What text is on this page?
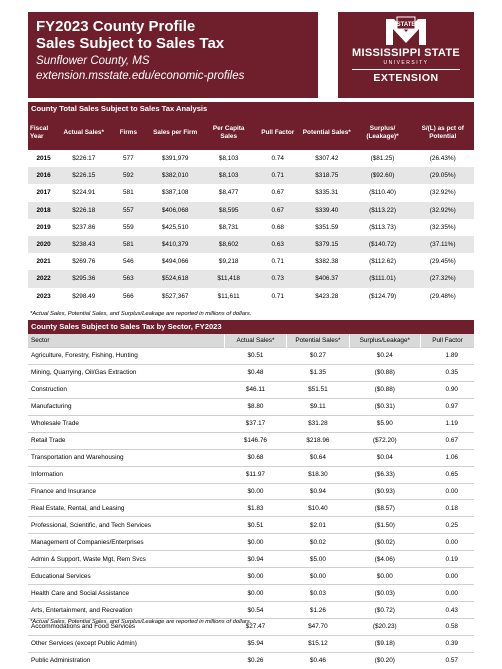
FY2023 County Profile
Sales Subject to Sales Tax
Sunflower County, MS
extension.msstate.edu/economic-profiles
STATE
MISSISSIPPI STATE
UNIVERSITY
EXTENSION
County Total Sales Subject to Sales Tax Analysis
Fiscal Year	Actual Sales*	Firms	Sales per Firm	Per Capita Sales	Pull Factor	Potential Sales*	Surplus/ (Leakage)*	S/(L) as pct of Potential
2015	$226.17	577	$391,979	$8,103	0.74	$307.42	($81.25)	(26.43%)
2016	$226.15	592	$382,010	$8,103	0.71	$318.75	($92.60)	(29.05%)
2017	$224.91	581	$387,108	$8,477	0.67	$335.31	($110.40)	(32.92%)
2018	$226.18	557	$406,068	$8,595	0.67	$339.40	($113.22)	(32.92%)
2019	$237.86	559	$425,510	$8,731	0.68	$351.59	($113.73)	(32.35%)
2020	$238.43	581	$410,379	$8,602	0.63	$379.15	($140.72)	(37.11%)
2021	$269.76	546	$494,066	$9,218	0.71	$382.38	($112.62)	(29.45%)
2022	$295.36	563	$524,618	$11,418	0.73	$406.37	($111.01)	(27.32%)
2023	$298.49	566	$527,367	$11,611	0.71	$423.28	($124.79)	(29.48%)
*Actual Sales, Potential Sales, and Surplus/Leakage are reported in millions of dollars.
County Sales Subject to Sales Tax by Sector, FY2023
Sector	Actual Sales*	Potential Sales*	Surplus/Leakage*	Pull Factor
Agriculture, Forestry, Fishing, Hunting	$0.51	$0.27	$0.24	1.89
Mining, Quarrying, Oil/Gas Extraction	$0.48	$1.35	($0.88)	0.35
Construction	$46.11	$51.51	($0.88)	0.90
Manufacturing	$8.80	$9.11	($0.31)	0.97
Wholesale Trade	$37.17	$31.28	$5.90	1.19
Retail Trade	$146.76	$218.96	($72.20)	0.67
Transportation and Warehousing	$0.68	$0.64	$0.04	1.06
Information	$11.97	$18.30	($6.33)	0.65
Finance and Insurance	$0.00	$0.94	($0.93)	0.00
Real Estate, Rental, and Leasing	$1.83	$10.40	($8.57)	0.18
Professional, Scientific, and Tech Services	$0.51	$2.01	($1.50)	0.25
Management of Companies/Enterprises	$0.00	$0.02	($0.02)	0.00
Admin & Support, Waste Mgt, Rem Svcs	$0.94	$5.00	($4.06)	0.19
Educational Services	$0.00	$0.00	$0.00	0.00
Health Care and Social Assistance	$0.00	$0.03	($0.03)	0.00
Arts, Entertainment, and Recreation	$0.54	$1.26	($0.72)	0.43
Accommodations and Food Services	$27.47	$47.70	($20.23)	0.58
Other Services (except Public Admin)	$5.94	$15.12	($9.18)	0.39
Public Administration	$0.26	$0.46	($0.20)	0.57
*Actual Sales, Potential Sales, and Surplus/Leakage are reported in millions of dollars.
